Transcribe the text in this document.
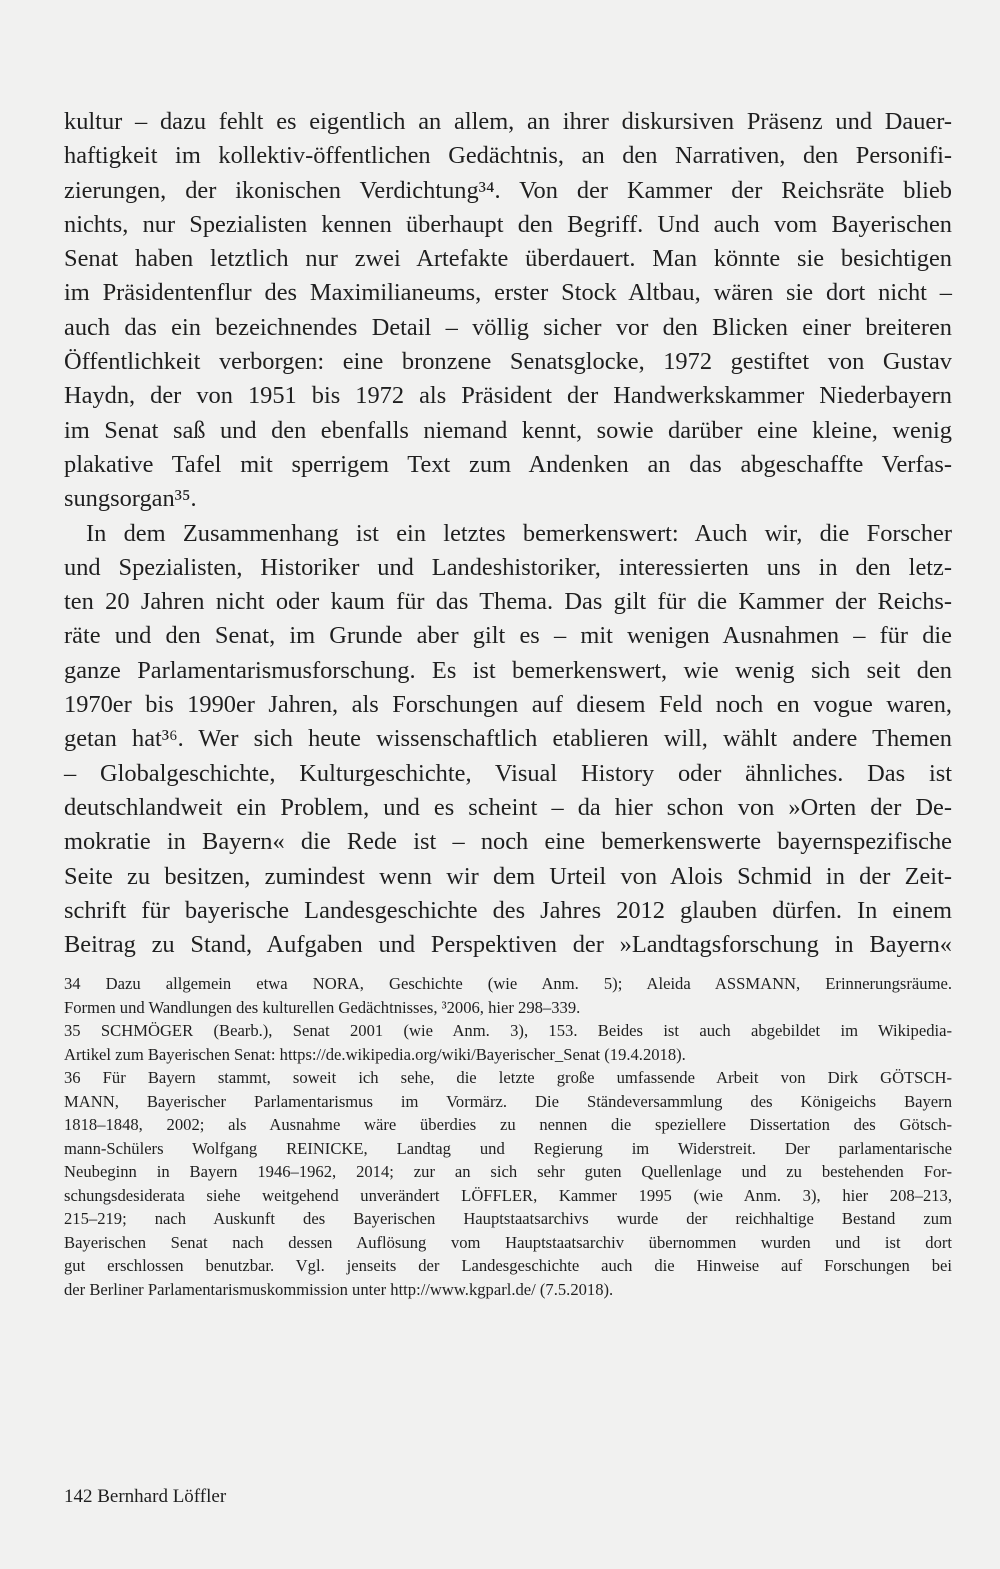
kultur – dazu fehlt es eigentlich an allem, an ihrer diskursiven Präsenz und Dauer-
haftigkeit im kollektiv-öffentlichen Gedächtnis, an den Narrativen, den Personifi-
zierungen, der ikonischen Verdichtung³⁴. Von der Kammer der Reichsräte blieb
nichts, nur Spezialisten kennen überhaupt den Begriff. Und auch vom Bayerischen
Senat haben letztlich nur zwei Artefakte überdauert. Man könnte sie besichtigen
im Präsidentenflur des Maximilianeums, erster Stock Altbau, wären sie dort nicht –
auch das ein bezeichnendes Detail – völlig sicher vor den Blicken einer breiteren
Öffentlichkeit verborgen: eine bronzene Senatsglocke, 1972 gestiftet von Gustav
Haydn, der von 1951 bis 1972 als Präsident der Handwerkskammer Niederbayern
im Senat saß und den ebenfalls niemand kennt, sowie darüber eine kleine, wenig
plakative Tafel mit sperrigem Text zum Andenken an das abgeschaffte Verfas-
sungsorgan³⁵.
In dem Zusammenhang ist ein letztes bemerkenswert: Auch wir, die Forscher
und Spezialisten, Historiker und Landeshistoriker, interessierten uns in den letz-
ten 20 Jahren nicht oder kaum für das Thema. Das gilt für die Kammer der Reichs-
räte und den Senat, im Grunde aber gilt es – mit wenigen Ausnahmen – für die
ganze Parlamentarismusforschung. Es ist bemerkenswert, wie wenig sich seit den
1970er bis 1990er Jahren, als Forschungen auf diesem Feld noch en vogue waren,
getan hat³⁶. Wer sich heute wissenschaftlich etablieren will, wählt andere Themen
– Globalgeschichte, Kulturgeschichte, Visual History oder ähnliches. Das ist
deutschlandweit ein Problem, und es scheint – da hier schon von »Orten der De-
mokratie in Bayern« die Rede ist – noch eine bemerkenswerte bayernspezifische
Seite zu besitzen, zumindest wenn wir dem Urteil von Alois Schmid in der Zeit-
schrift für bayerische Landesgeschichte des Jahres 2012 glauben dürfen. In einem
Beitrag zu Stand, Aufgaben und Perspektiven der »Landtagsforschung in Bayern«
34 Dazu allgemein etwa NORA, Geschichte (wie Anm. 5); Aleida ASSMANN, Erinnerungsräume.
Formen und Wandlungen des kulturellen Gedächtnisses, ³2006, hier 298–339.
35 SCHMÖGER (Bearb.), Senat 2001 (wie Anm. 3), 153. Beides ist auch abgebildet im Wikipedia-
Artikel zum Bayerischen Senat: https://de.wikipedia.org/wiki/Bayerischer_Senat (19.4.2018).
36 Für Bayern stammt, soweit ich sehe, die letzte große umfassende Arbeit von Dirk GÖTSCH-
MANN, Bayerischer Parlamentarismus im Vormärz. Die Ständeversammlung des Königeichs Bayern
1818–1848, 2002; als Ausnahme wäre überdies zu nennen die speziellere Dissertation des Götsch-
mann-Schülers Wolfgang REINICKE, Landtag und Regierung im Widerstreit. Der parlamentarische
Neubeginn in Bayern 1946–1962, 2014; zur an sich sehr guten Quellenlage und zu bestehenden For-
schungsdesiderata siehe weitgehend unverändert LÖFFLER, Kammer 1995 (wie Anm. 3), hier 208–213,
215–219; nach Auskunft des Bayerischen Hauptstaatsarchivs wurde der reichhaltige Bestand zum
Bayerischen Senat nach dessen Auflösung vom Hauptstaatsarchiv übernommen wurden und ist dort
gut erschlossen benutzbar. Vgl. jenseits der Landesgeschichte auch die Hinweise auf Forschungen bei
der Berliner Parlamentarismuskommission unter http://www.kgparl.de/ (7.5.2018).
142 Bernhard Löffler
